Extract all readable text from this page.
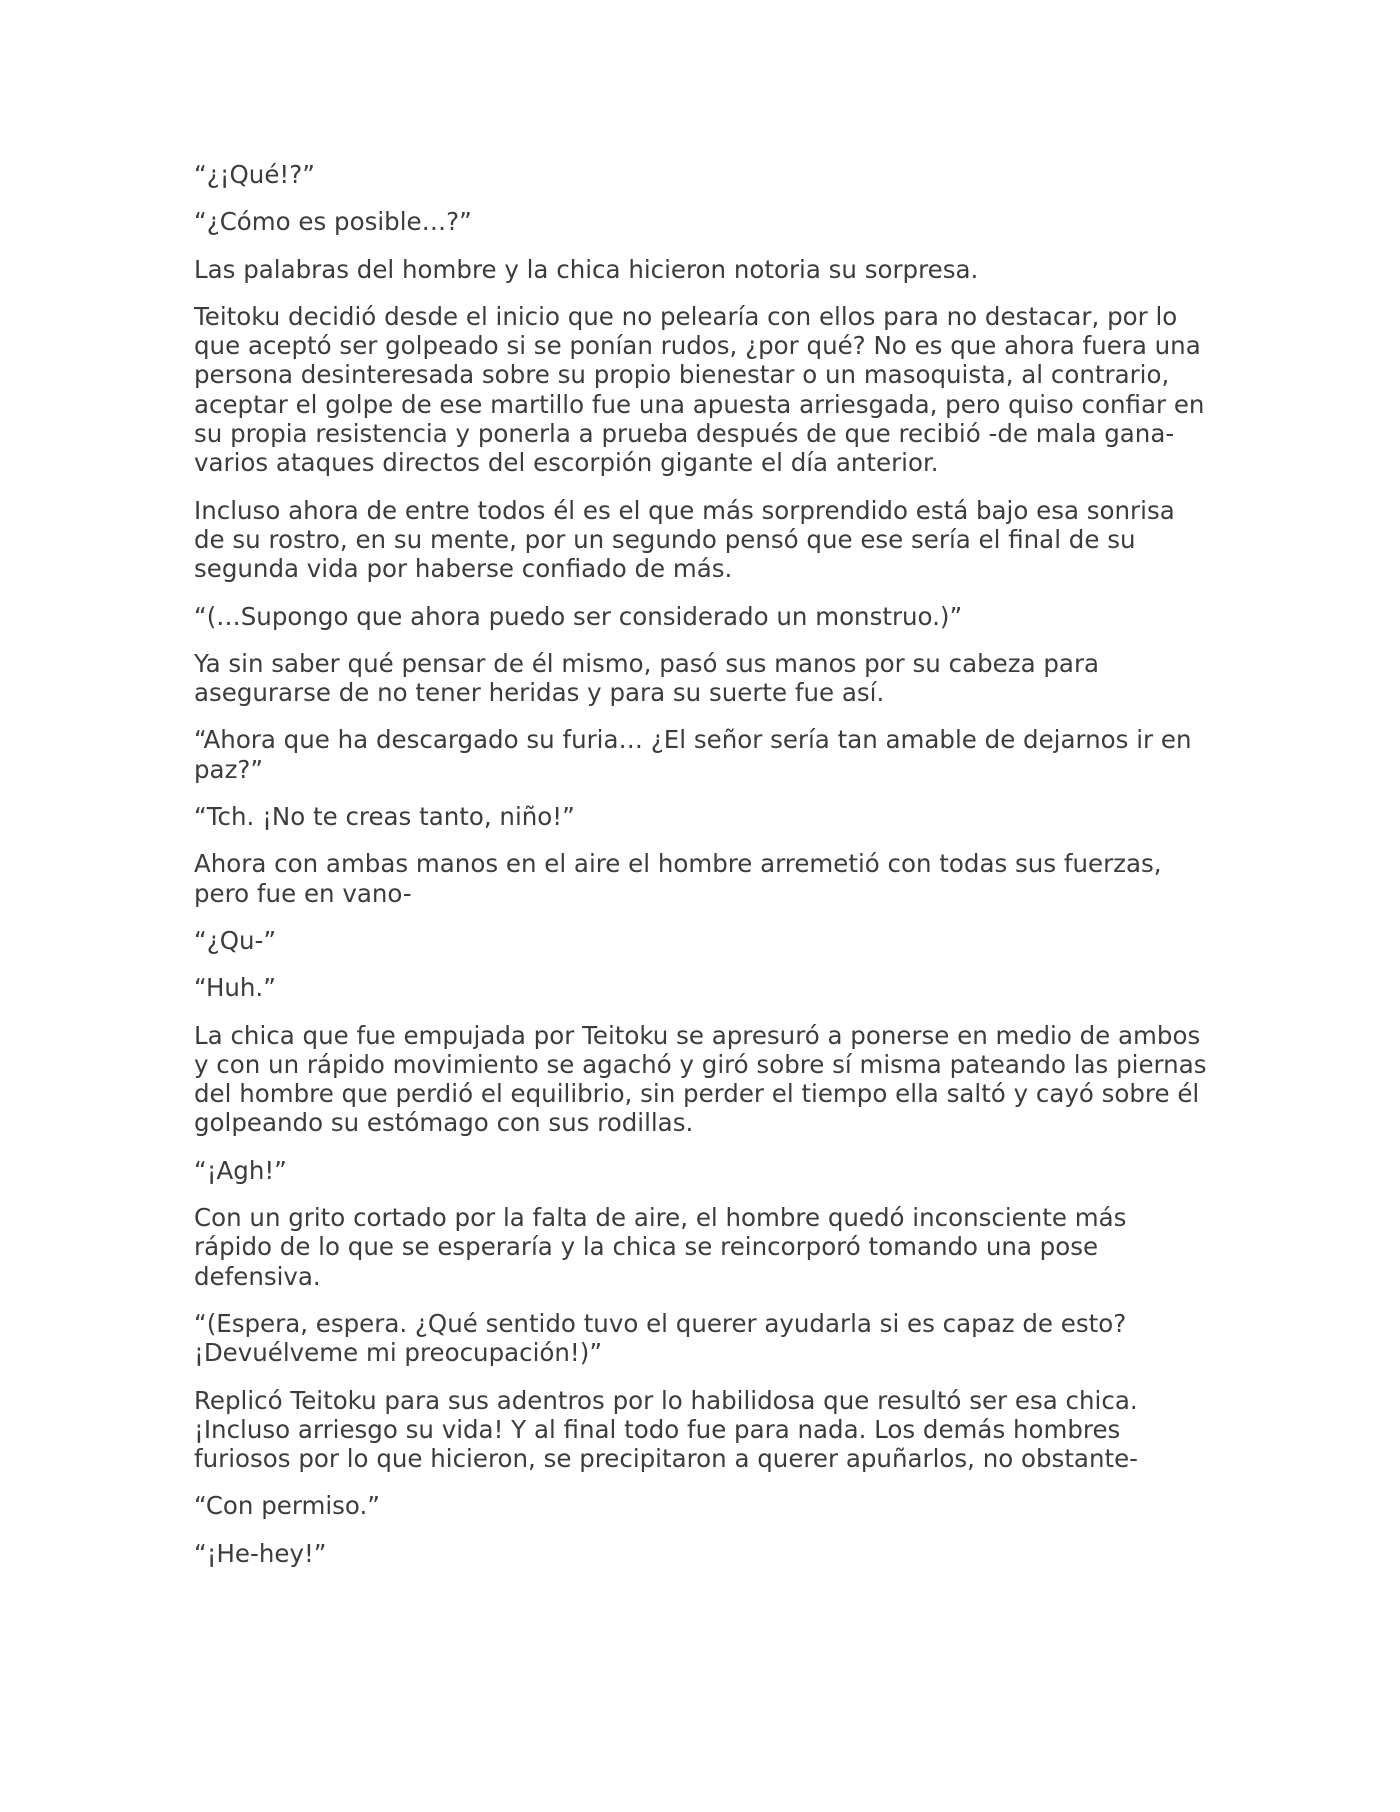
“¿¡Qué!?”

“¿Cómo es posible…?”

Las palabras del hombre y la chica hicieron notoria su sorpresa.

Teitoku decidió desde el inicio que no pelearía con ellos para no destacar, por lo que aceptó ser golpeado si se ponían rudos, ¿por qué? No es que ahora fuera una persona desinteresada sobre su propio bienestar o un masoquista, al contrario, aceptar el golpe de ese martillo fue una apuesta arriesgada, pero quiso confiar en su propia resistencia y ponerla a prueba después de que recibió -de mala gana- varios ataques directos del escorpión gigante el día anterior.

Incluso ahora de entre todos él es el que más sorprendido está bajo esa sonrisa de su rostro, en su mente, por un segundo pensó que ese sería el final de su segunda vida por haberse confiado de más.

“(…Supongo que ahora puedo ser considerado un monstruo.)”

Ya sin saber qué pensar de él mismo, pasó sus manos por su cabeza para asegurarse de no tener heridas y para su suerte fue así.

“Ahora que ha descargado su furia… ¿El señor sería tan amable de dejarnos ir en paz?”

“Tch. ¡No te creas tanto, niño!”

Ahora con ambas manos en el aire el hombre arremetió con todas sus fuerzas, pero fue en vano-

“¿Qu-”

“Huh.”

La chica que fue empujada por Teitoku se apresuró a ponerse en medio de ambos y con un rápido movimiento se agachó y giró sobre sí misma pateando las piernas del hombre que perdió el equilibrio, sin perder el tiempo ella saltó y cayó sobre él golpeando su estómago con sus rodillas.

“¡Agh!”

Con un grito cortado por la falta de aire, el hombre quedó inconsciente más rápido de lo que se esperaría y la chica se reincorporó tomando una pose defensiva.

“(Espera, espera. ¿Qué sentido tuvo el querer ayudarla si es capaz de esto? ¡Devuélveme mi preocupación!)”

Replicó Teitoku para sus adentros por lo habilidosa que resultó ser esa chica. ¡Incluso arriesgo su vida! Y al final todo fue para nada. Los demás hombres furiosos por lo que hicieron, se precipitaron a querer apuñarlos, no obstante-

“Con permiso.”

“¡He-hey!”
